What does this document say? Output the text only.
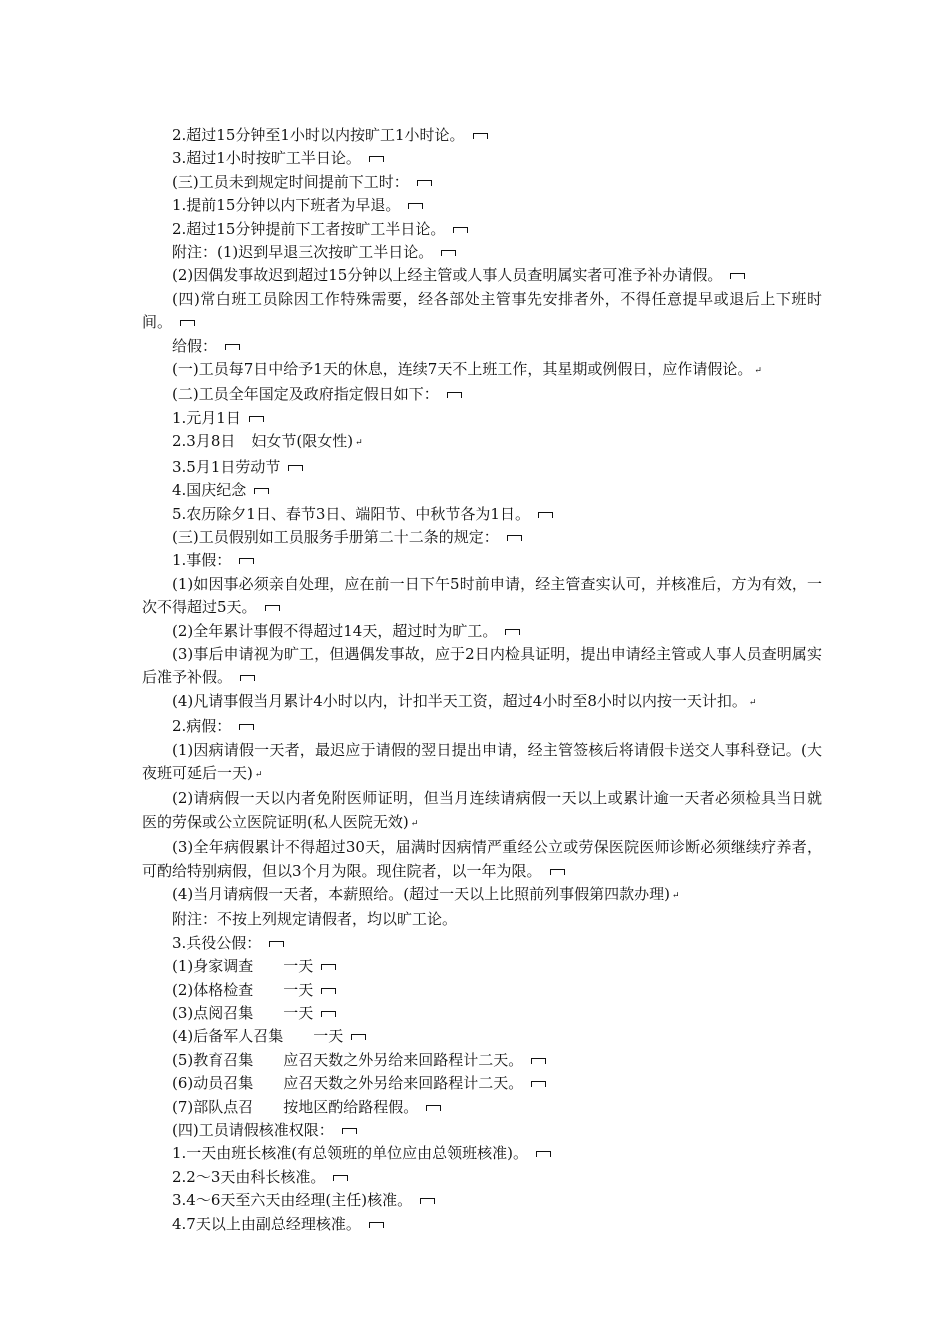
2.超过15分钟至1小时以内按旷工1小时论。

3.超过1小时按旷工半日论。

(三)工员未到规定时间提前下工时：

1.提前15分钟以内下班者为早退。

2.超过15分钟提前下工者按旷工半日论。

附注：(1)迟到早退三次按旷工半日论。

(2)因偶发事故迟到超过15分钟以上经主管或人事人员查明属实者可准予补办请假。

(四)常白班工员除因工作特殊需要，经各部处主管事先安排者外，不得任意提早或退后上下班时间。

给假：

(一)工员每7日中给予1天的休息，连续7天不上班工作，其星期或例假日，应作请假论。 ↵

(二)工员全年国定及政府指定假日如下：

1.元月1日

2.3月8日 妇女节(限女性) ↵

3.5月1日劳动节

4.国庆纪念

5.农历除夕1日、春节3日、端阳节、中秋节各为1日。

(三)工员假别如工员服务手册第二十二条的规定：

1.事假：

(1)如因事必须亲自处理，应在前一日下午5时前申请，经主管查实认可，并核准后，方为有效，一次不得超过5天。

(2)全年累计事假不得超过14天，超过时为旷工。

(3)事后申请视为旷工，但遇偶发事故，应于2日内检具证明，提出申请经主管或人事人员查明属实后准予补假。

(4)凡请事假当月累计4小时以内，计扣半天工资，超过4小时至8小时以内按一天计扣。 ↵

2.病假：

(1)因病请假一天者，最迟应于请假的翌日提出申请，经主管签核后将请假卡送交人事科登记。(大夜班可延后一天) ↵

(2)请病假一天以内者免附医师证明，但当月连续请病假一天以上或累计逾一天者必须检具当日就医的劳保或公立医院证明(私人医院无效) ↵

(3)全年病假累计不得超过30天，届满时因病情严重经公立或劳保医院医师诊断必须继续疗养者，可酌给特别病假，但以3个月为限。现住院者，以一年为限。

(4)当月请病假一天者，本薪照给。(超过一天以上比照前列事假第四款办理) ↵

附注：不按上列规定请假者，均以旷工论。

3.兵役公假：

(1)身家调查 一天

(2)体格检查 一天

(3)点阅召集 一天

(4)后备军人召集 一天

(5)教育召集 应召天数之外另给来回路程计二天。

(6)动员召集 应召天数之外另给来回路程计二天。

(7)部队点召 按地区酌给路程假。

(四)工员请假核准权限：

1.一天由班长核准(有总领班的单位应由总领班核准)。

2.2～3天由科长核准。

3.4～6天至六天由经理(主任)核准。

4.7天以上由副总经理核准。
